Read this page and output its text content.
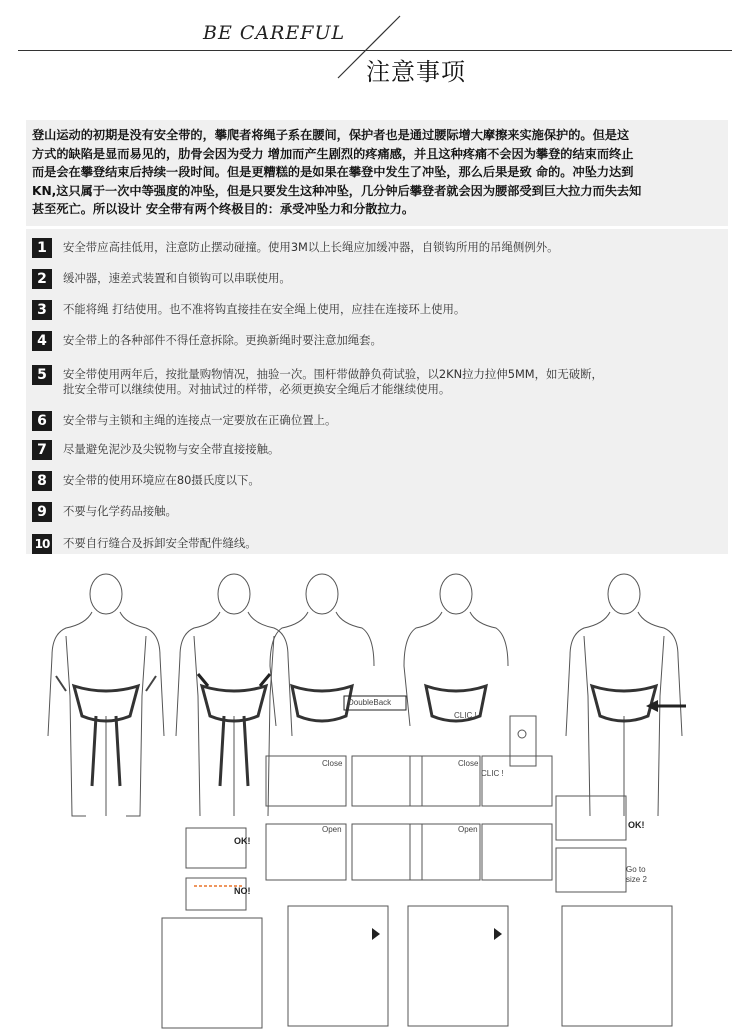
BE CAREFUL
注意事项
登山运动的初期是没有安全带的，攀爬者将绳子系在腰间，保护者也是通过腰际增大摩擦来实施保护的。但是这
方式的缺陷是显而易见的，肋骨会因为受力 增加而产生剧烈的疼痛感，并且这种疼痛不会因为攀登的结束而终止
而是会在攀登结束后持续一段时间。但是更糟糕的是如果在攀登中发生了冲坠，那么后果是致 命的。冲坠力达到
KN,这只属于一次中等强度的冲坠，但是只要发生这种冲坠，几分钟后攀登者就会因为腰部受到巨大拉力而失去知
甚至死亡。所以设计 安全带有两个终极目的：承受冲坠力和分散拉力。
1	安全带应高挂低用，注意防止摆动碰撞。使用3M以上长绳应加缓冲器，自锁钩所用的吊绳侧例外。
2	缓冲器，速差式装置和自锁钩可以串联使用。
3	不能将绳 打结使用。也不准将钩直接挂在安全绳上使用，应挂在连接环上使用。
4	安全带上的各种部件不得任意拆除。更换新绳时要注意加绳套。
5	安全带使用两年后，按批量购物情况，抽验一次。围杆带做静负荷试验，以2KN拉力拉伸5MM，如无破断，
批安全带可以继续使用。对抽试过的样带，必须更换安全绳后才能继续使用。
6	安全带与主锁和主绳的连接点一定要放在正确位置上。
7	尽量避免泥沙及尖锐物与安全带直接接触。
8	安全带的使用环境应在80摄氏度以下。
9	不要与化学药品接触。
10 不要自行缝合及拆卸安全带配件缝线。
DoubleBack
Close	Close
Open	Open
CLIC !
CLIC !
OK!
OK!
NO!
Go to
size 2
